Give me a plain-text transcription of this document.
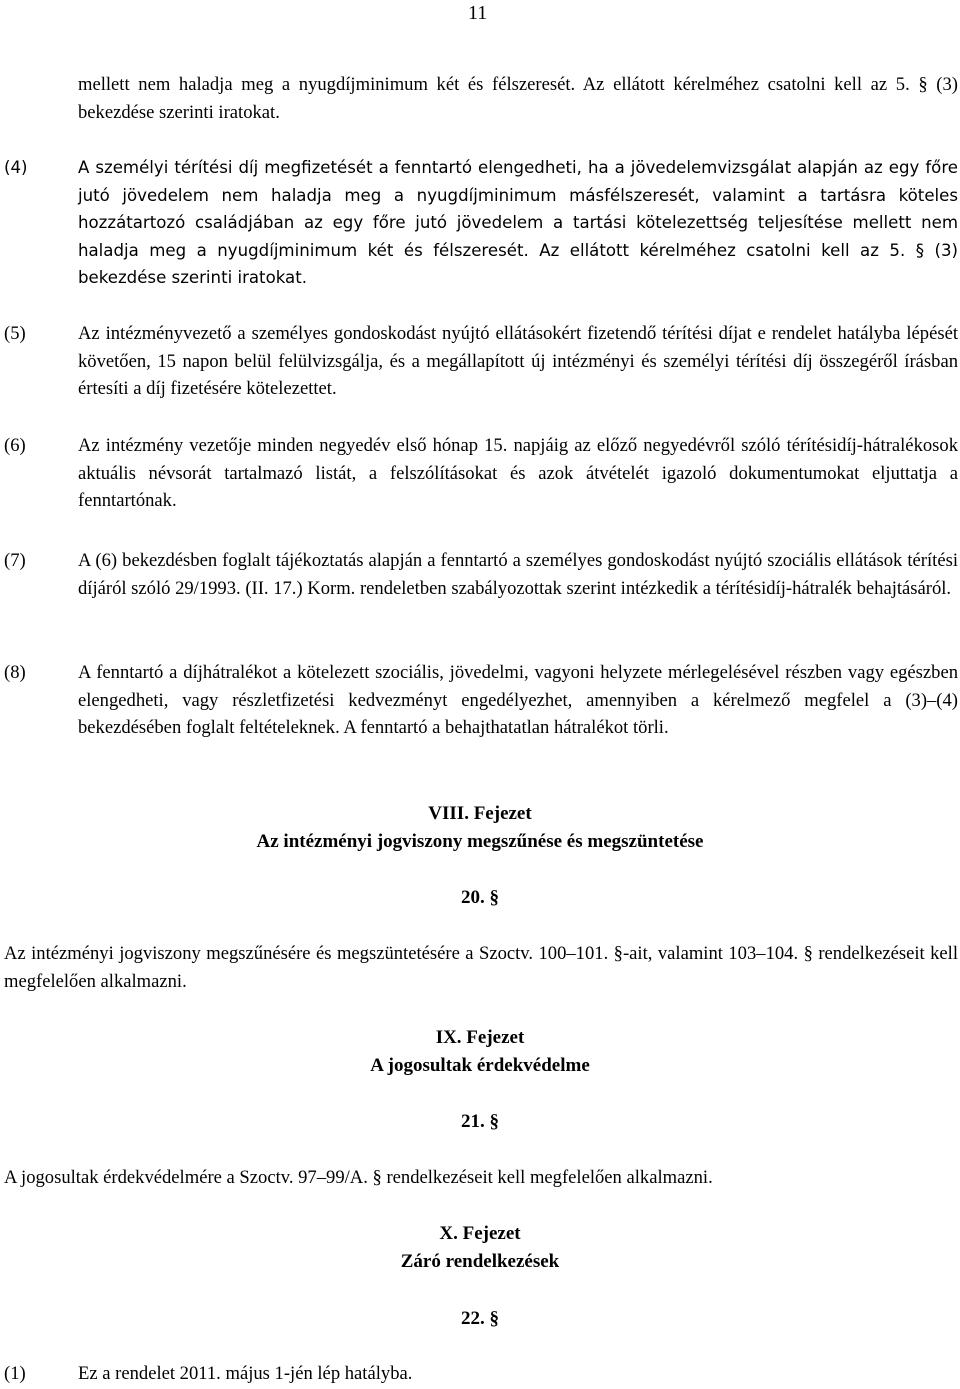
11

mellett nem haladja meg a nyugdíjminimum két és félszeresét. Az ellátott kérelméhez csatolni kell az 5. § (3) bekezdése szerinti iratokat.

(4)	A személyi térítési díj megfizetését a fenntartó elengedheti, ha a jövedelemvizsgálat alapján az egy főre jutó jövedelem nem haladja meg a nyugdíjminimum másfélszeresét, valamint a tartásra köteles hozzátartozó családjában az egy főre jutó jövedelem a tartási kötelezettség teljesítése mellett nem haladja meg a nyugdíjminimum két és félszeresét. Az ellátott kérelméhez csatolni kell az 5. § (3) bekezdése szerinti iratokat.

(5)	Az intézményvezető a személyes gondoskodást nyújtó ellátásokért fizetendő térítési díjat e rendelet hatályba lépését követően, 15 napon belül felülvizsgálja, és a megállapított új intézményi és személyi térítési díj összegéről írásban értesíti a díj fizetésére kötelezettet.

(6)	Az intézmény vezetője minden negyedév első hónap 15. napjáig az előző negyedévről szóló térítésidíj-hátralékosok aktuális névsorát tartalmazó listát, a felszólításokat és azok átvételét igazoló dokumentumokat eljuttatja a fenntartónak.

(7)	A (6) bekezdésben foglalt tájékoztatás alapján a fenntartó a személyes gondoskodást nyújtó szociális ellátások térítési díjáról szóló 29/1993. (II. 17.) Korm. rendeletben szabályozottak szerint intézkedik a térítésidíj-hátralék behajtásáról.

(8)	A fenntartó a díjhátralékot a kötelezett szociális, jövedelmi, vagyoni helyzete mérlegelésével részben vagy egészben elengedheti, vagy részletfizetési kedvezményt engedélyezhet, amennyiben a kérelmező megfelel a (3)–(4) bekezdésében foglalt feltételeknek. A fenntartó a behajthatatlan hátralékot törli.

VIII. Fejezet
Az intézményi jogviszony megszűnése és megszüntetése
20. §

Az intézményi jogviszony megszűnésére és megszüntetésére a Szoctv. 100–101. §-ait, valamint 103–104. § rendelkezéseit kell megfelelően alkalmazni.

IX. Fejezet
A jogosultak érdekvédelme
21. §

A jogosultak érdekvédelmére a Szoctv. 97–99/A. § rendelkezéseit kell megfelelően alkalmazni.

X. Fejezet
Záró rendelkezések
22. §
(1)	Ez a rendelet 2011. május 1-jén lép hatályba.
